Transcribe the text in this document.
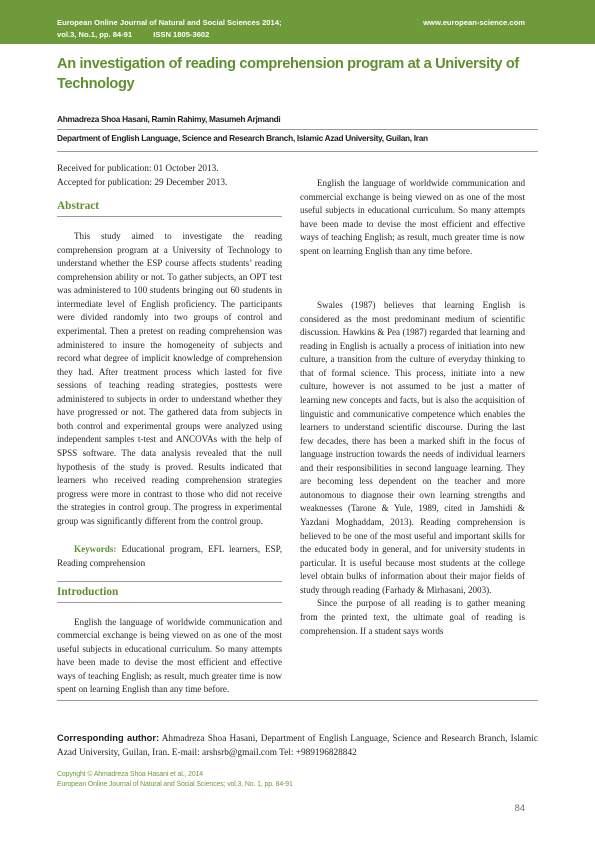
European Online Journal of Natural and Social Sciences 2014;
vol.3, No.1, pp. 84-91          ISSN 1805-3602
www.european-science.com
An investigation of reading comprehension program at a University of Technology
Ahmadreza Shoa Hasani, Ramin Rahimy, Masumeh Arjmandi
Department of English Language, Science and Research Branch, Islamic Azad University, Guilan, Iran
Received for publication: 01 October 2013.
Accepted for publication: 29 December 2013.
Abstract

This study aimed to investigate the reading comprehension program at a University of Technology to understand whether the ESP course affects students’ reading comprehension ability or not. To gather subjects, an OPT test was administered to 100 students bringing out 60 students in intermediate level of English proficiency. The participants were divided randomly into two groups of control and experimental. Then a pretest on reading comprehension was administered to insure the homogeneity of subjects and record what degree of implicit knowledge of comprehension they had. After treatment process which lasted for five sessions of teaching reading strategies, posttests were administered to subjects in order to understand whether they have progressed or not. The gathered data from subjects in both control and experimental groups were analyzed using independent samples t-test and ANCOVAs with the help of SPSS software. The data analysis revealed that the null hypothesis of the study is proved. Results indicated that learners who received reading comprehension strategies progress were more in contrast to those who did not receive the strategies in control group. The progress in experimental group was significantly different from the control group.

Keywords: Educational program, EFL learners, ESP, Reading comprehension

Introduction

English the language of worldwide communication and commercial exchange is being viewed on as one of the most useful subjects in educational curriculum. So many attempts have been made to devise the most efficient and effective ways of teaching English; as result, much greater time is now spent on learning English than any time before.

English the language of worldwide communication and commercial exchange is being viewed on as one of the most useful subjects in educational curriculum. So many attempts have been made to devise the most efficient and effective ways of teaching English; as result, much greater time is now spent on learning English than any time before.

Swales (1987) believes that learning English is considered as the most predominant medium of scientific discussion. Hawkins & Pea (1987) regarded that learning and reading in English is actually a process of initiation into new culture, a transition from the culture of everyday thinking to that of formal science. This process, initiate into a new culture, however is not assumed to be just a matter of learning new concepts and facts, but is also the acquisition of linguistic and communicative competence which enables the learners to understand scientific discourse. During the last few decades, there has been a marked shift in the focus of language instruction towards the needs of individual learners and their responsibilities in second language learning. They are becoming less dependent on the teacher and more autonomous to diagnose their own learning strengths and weaknesses (Tarone & Yule, 1989, cited in Jamshidi & Yazdani Moghaddam, 2013). Reading comprehension is believed to be one of the most useful and important skills for the educated body in general, and for university students in particular. It is useful because most students at the college level obtain bulks of information about their major fields of study through reading (Farhady & Mirhasani, 2003).

Since the purpose of all reading is to gather meaning from the printed text, the ultimate goal of reading is comprehension. If a student says words

Corresponding author: Ahmadreza Shoa Hasani, Department of English Language, Science and Research Branch, Islamic Azad University, Guilan, Iran. E-mail: arshsrb@gmail.com Tel: +989196828842

Copyright © Ahmadreza Shoa Hasani et al., 2014
European Online Journal of Natural and Social Sciences; vol.3, No. 1, pp. 84-91
84
